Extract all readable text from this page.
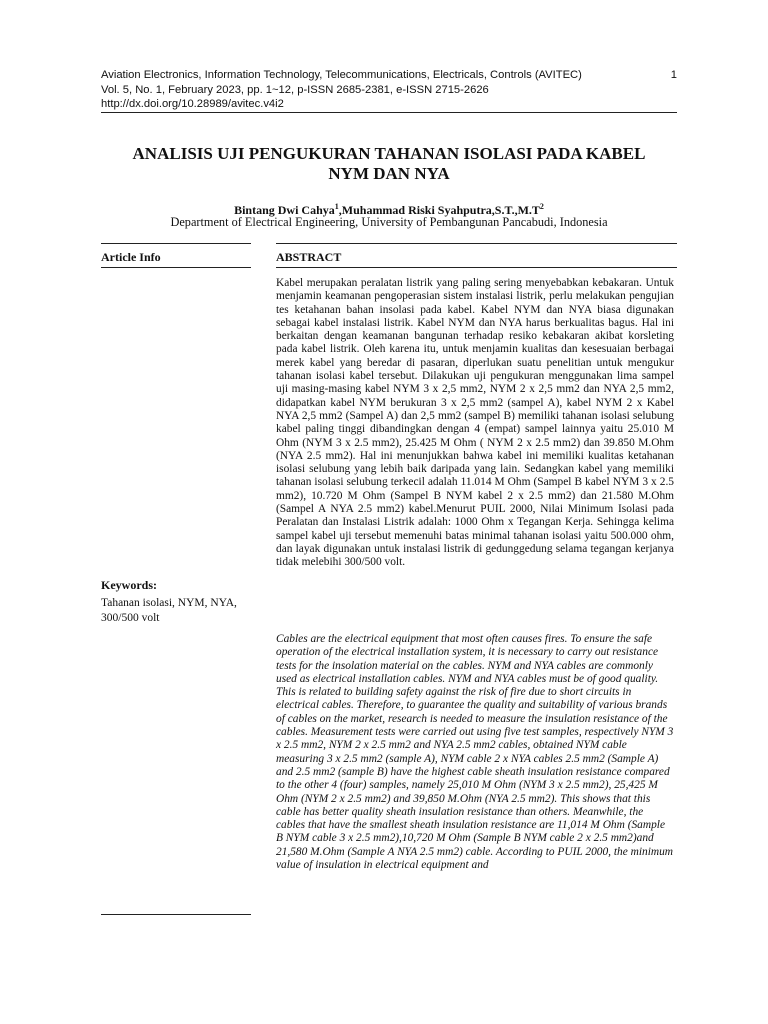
Aviation Electronics, Information Technology, Telecommunications, Electricals, Controls (AVITEC)
Vol. 5, No. 1, February 2023, pp. 1~12, p-ISSN 2685-2381, e-ISSN 2715-2626
http://dx.doi.org/10.28989/avitec.v4i2
1
ANALISIS UJI PENGUKURAN TAHANAN ISOLASI PADA KABEL
NYM DAN NYA
Bintang Dwi Cahya$^1$,Muhammad Riski $Syahputra,S.T.,M.T^2$
Department of Electrical Engineering, University of Pembangunan Pancabudi, Indonesia
Article Info	ABSTRACT
Keywords:
Tahanan isolasi, NYM, NYA, 300/500 volt

Kabel merupakan peralatan listrik yang paling sering menyebabkan kebakaran. Untuk menjamin keamanan pengoperasian sistem instalasi listrik, perlu melakukan pengujian tes ketahanan bahan insolasi pada kabel. Kabel NYM dan NYA biasa digunakan sebagai kabel instalasi listrik. Kabel NYM dan NYA harus berkualitas bagus. Hal ini berkaitan dengan keamanan bangunan terhadap resiko kebakaran akibat korsleting pada kabel listrik. Oleh karena itu, untuk menjamin kualitas dan kesesuaian berbagai merek kabel yang beredar di pasaran, diperlukan suatu penelitian untuk mengukur tahanan isolasi kabel tersebut. Dilakukan uji pengukuran menggunakan lima sampel uji masing-masing kabel NYM 3 x 2,5 mm2, NYM 2 x 2,5 mm2 dan NYA 2,5 mm2, didapatkan kabel NYM berukuran 3 x 2,5 mm2 (sampel A), kabel NYM 2 x Kabel NYA 2,5 mm2 (Sampel A) dan 2,5 mm2 (sampel B) memiliki tahanan isolasi selubung kabel paling tinggi dibandingkan dengan 4 (empat) sampel lainnya yaitu 25.010 M Ohm (NYM 3 x 2.5 mm2), 25.425 M Ohm ( NYM 2 x 2.5 mm2) dan 39.850 M.Ohm (NYA 2.5 mm2). Hal ini menunjukkan bahwa kabel ini memiliki kualitas ketahanan isolasi selubung yang lebih baik daripada yang lain. Sedangkan kabel yang memiliki tahanan isolasi selubung terkecil adalah 11.014 M Ohm (Sampel B kabel NYM 3 x 2.5 mm2), 10.720 M Ohm (Sampel B NYM kabel 2 x 2.5 mm2) dan 21.580 M.Ohm (Sampel A NYA 2.5 mm2) kabel.Menurut PUIL 2000, Nilai Minimum Isolasi pada Peralatan dan Instalasi Listrik adalah: 1000 Ohm x Tegangan Kerja. Sehingga kelima sampel kabel uji tersebut memenuhi batas minimal tahanan isolasi yaitu 500.000 ohm, dan layak digunakan untuk instalasi listrik di gedunggedung selama tegangan kerjanya tidak melebihi 300/500 volt.

Cables are the electrical equipment that most often causes fires. To ensure the safe operation of the electrical installation system, it is necessary to carry out resistance tests for the insolation material on the cables. NYM and NYA cables are commonly used as electrical installation cables. NYM and NYA cables must be of good quality. This is related to building safety against the risk of fire due to short circuits in electrical cables. Therefore, to guarantee the quality and suitability of various brands of cables on the market, research is needed to measure the insulation resistance of the cables. Measurement tests were carried out using five test samples, respectively NYM 3 x 2.5 mm2, NYM 2 x 2.5 mm2 and NYA 2.5 mm2 cables, obtained NYM cable measuring 3 x 2.5 mm2 (sample A), NYM cable 2 x NYA cables 2.5 mm2 (Sample A) and 2.5 mm2 (sample B) have the highest cable sheath insulation resistance compared to the other 4 (four) samples, namely 25,010 M Ohm (NYM 3 x 2.5 mm2), 25,425 M Ohm (NYM 2 x 2.5 mm2) and 39,850 M.Ohm (NYA 2.5 mm2). This shows that this cable has better quality sheath insulation resistance than others. Meanwhile, the cables that have the smallest sheath insulation resistance are 11,014 M Ohm (Sample B NYM cable 3 x 2.5 mm2),10,720 M Ohm (Sample B NYM cable 2 x 2.5 mm2)and 21,580 M.Ohm (Sample A NYA 2.5 mm2) cable. According to PUIL 2000, the minimum value of insulation in electrical equipment and
